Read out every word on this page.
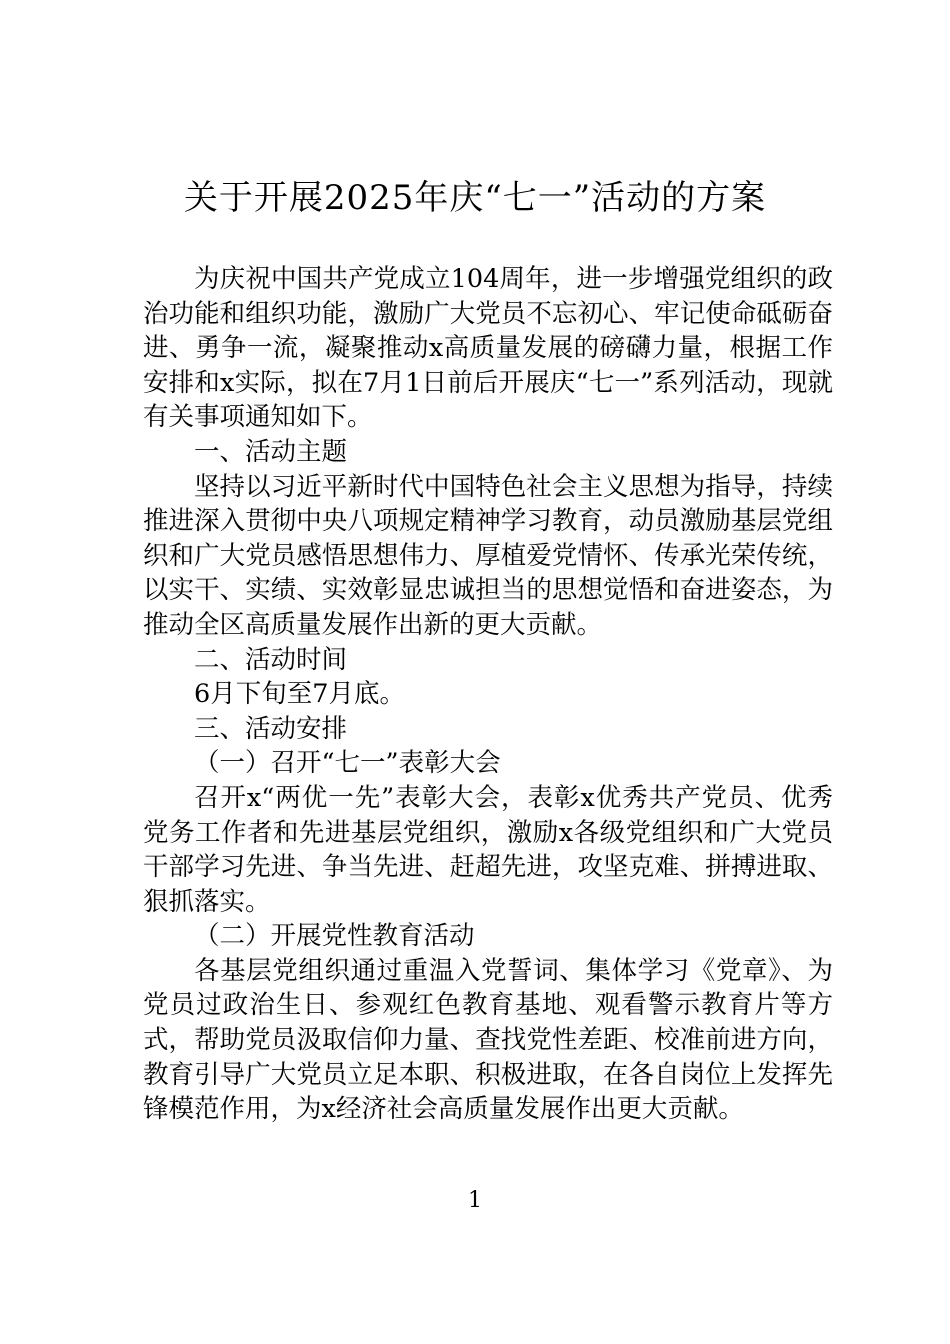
关于开展2025年庆“七一”活动的方案

为庆祝中国共产党成立104周年，进一步增强党组织的政治功能和组织功能，激励广大党员不忘初心、牢记使命砥砺奋进、勇争一流，凝聚推动x高质量发展的磅礴力量，根据工作安排和x实际，拟在7月1日前后开展庆“七一”系列活动，现就有关事项通知如下。

一、活动主题

坚持以习近平新时代中国特色社会主义思想为指导，持续推进深入贯彻中央八项规定精神学习教育，动员激励基层党组织和广大党员感悟思想伟力、厚植爱党情怀、传承光荣传统，以实干、实绩、实效彰显忠诚担当的思想觉悟和奋进姿态，为推动全区高质量发展作出新的更大贡献。

二、活动时间

6月下旬至7月底。

三、活动安排

（一）召开“七一”表彰大会

召开x“两优一先”表彰大会，表彰x优秀共产党员、优秀党务工作者和先进基层党组织，激励x各级党组织和广大党员干部学习先进、争当先进、赶超先进，攻坚克难、拼搏进取、狠抓落实。

（二）开展党性教育活动

各基层党组织通过重温入党誓词、集体学习《党章》、为党员过政治生日、参观红色教育基地、观看警示教育片等方式，帮助党员汲取信仰力量、查找党性差距、校准前进方向，教育引导广大党员立足本职、积极进取，在各自岗位上发挥先锋模范作用，为x经济社会高质量发展作出更大贡献。

1
